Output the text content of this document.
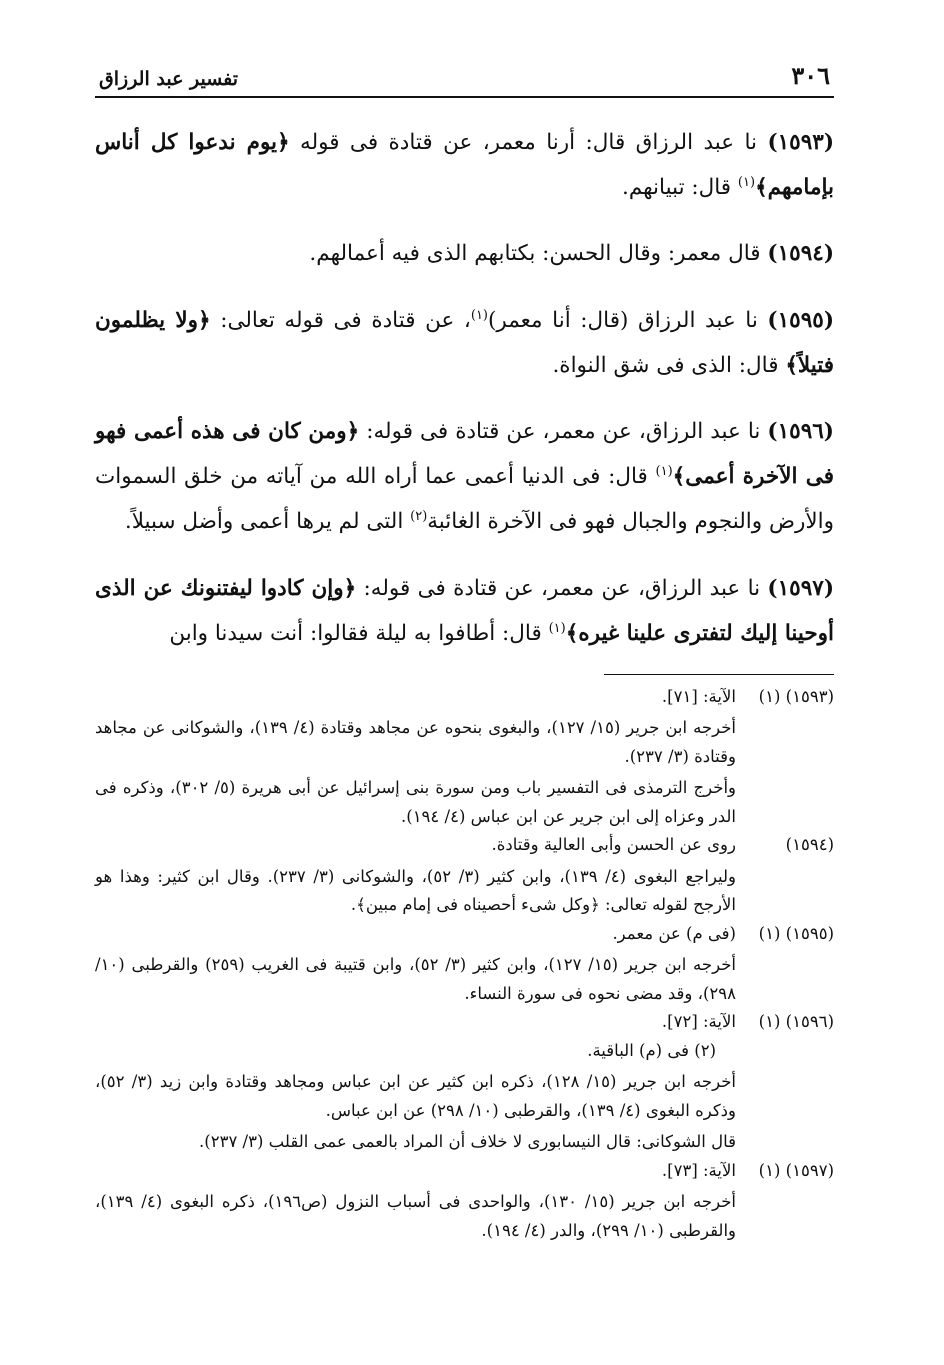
٣٠٦
تفسير عبد الرزاق

(١٥٩٣) نا عبد الرزاق قال: أرنا معمر، عن قتادة فى قوله ﴿يوم ندعوا كل أناس بإمامهم﴾$^{(١)}$ قال: تبيانهم.

(١٥٩٤) قال معمر: وقال الحسن: بكتابهم الذى فيه أعمالهم.

(١٥٩٥) نا عبد الرزاق (قال: أنا معمر)$^{(١)}$، عن قتادة فى قوله تعالى: ﴿ولا يظلمون فتيلاً﴾ قال: الذى فى شق النواة.

(١٥٩٦) نا عبد الرزاق، عن معمر، عن قتادة فى قوله: ﴿ومن كان فى هذه أعمى فهو فى الآخرة أعمى﴾$^{(١)}$ قال: فى الدنيا أعمى عما أراه الله من آياته من خلق السموات والأرض والنجوم والجبال فهو فى الآخرة الغائبة$^{(٢)}$ التى لم يرها أعمى وأضل سبيلاً.

(١٥٩٧) نا عبد الرزاق، عن معمر، عن قتادة فى قوله: ﴿وإن كادوا ليفتنونك عن الذى أوحينا إليك لتفترى علينا غيره﴾$^{(١)}$ قال: أطافوا به ليلة فقالوا: أنت سيدنا وابن

(١٥٩٣) (١)
الآية: [٧١].
أخرجه ابن جرير (١٥/ ١٢٧)، والبغوى بنحوه عن مجاهد وقتادة (٤/ ١٣٩)، والشوكانى عن مجاهد وقتادة (٣/ ٢٣٧).
وأخرج الترمذى فى التفسير باب ومن سورة بنى إسرائيل عن أبى هريرة (٥/ ٣٠٢)، وذكره فى الدر وعزاه إلى ابن جرير عن ابن عباس (٤/ ١٩٤).
(١٥٩٤)
روى عن الحسن وأبى العالية وقتادة.
وليراجع البغوى (٤/ ١٣٩)، وابن كثير (٣/ ٥٢)، والشوكانى (٣/ ٢٣٧). وقال ابن كثير: وهذا هو الأرجح لقوله تعالى: ﴿وكل شىء أحصيناه فى إمام مبين﴾.
(١٥٩٥) (١)
(فى م) عن معمر.
أخرجه ابن جرير (١٥/ ١٢٧)، وابن كثير (٣/ ٥٢)، وابن قتيبة فى الغريب (٢٥٩) والقرطبى (١٠/ ٢٩٨)، وقد مضى نحوه فى سورة النساء.
(١٥٩٦) (١)
الآية: [٧٢].
(٢) فى (م) الباقية.
أخرجه ابن جرير (١٥/ ١٢٨)، ذكره ابن كثير عن ابن عباس ومجاهد وقتادة وابن زيد (٣/ ٥٢)، وذكره البغوى (٤/ ١٣٩)، والقرطبى (١٠/ ٢٩٨) عن ابن عباس.
قال الشوكانى: قال النيسابورى لا خلاف أن المراد بالعمى عمى القلب (٣/ ٢٣٧).
(١٥٩٧) (١)
الآية: [٧٣].
أخرجه ابن جرير (١٥/ ١٣٠)، والواحدى فى أسباب النزول (ص١٩٦)، ذكره البغوى (٤/ ١٣٩)، والقرطبى (١٠/ ٢٩٩)، والدر (٤/ ١٩٤).
